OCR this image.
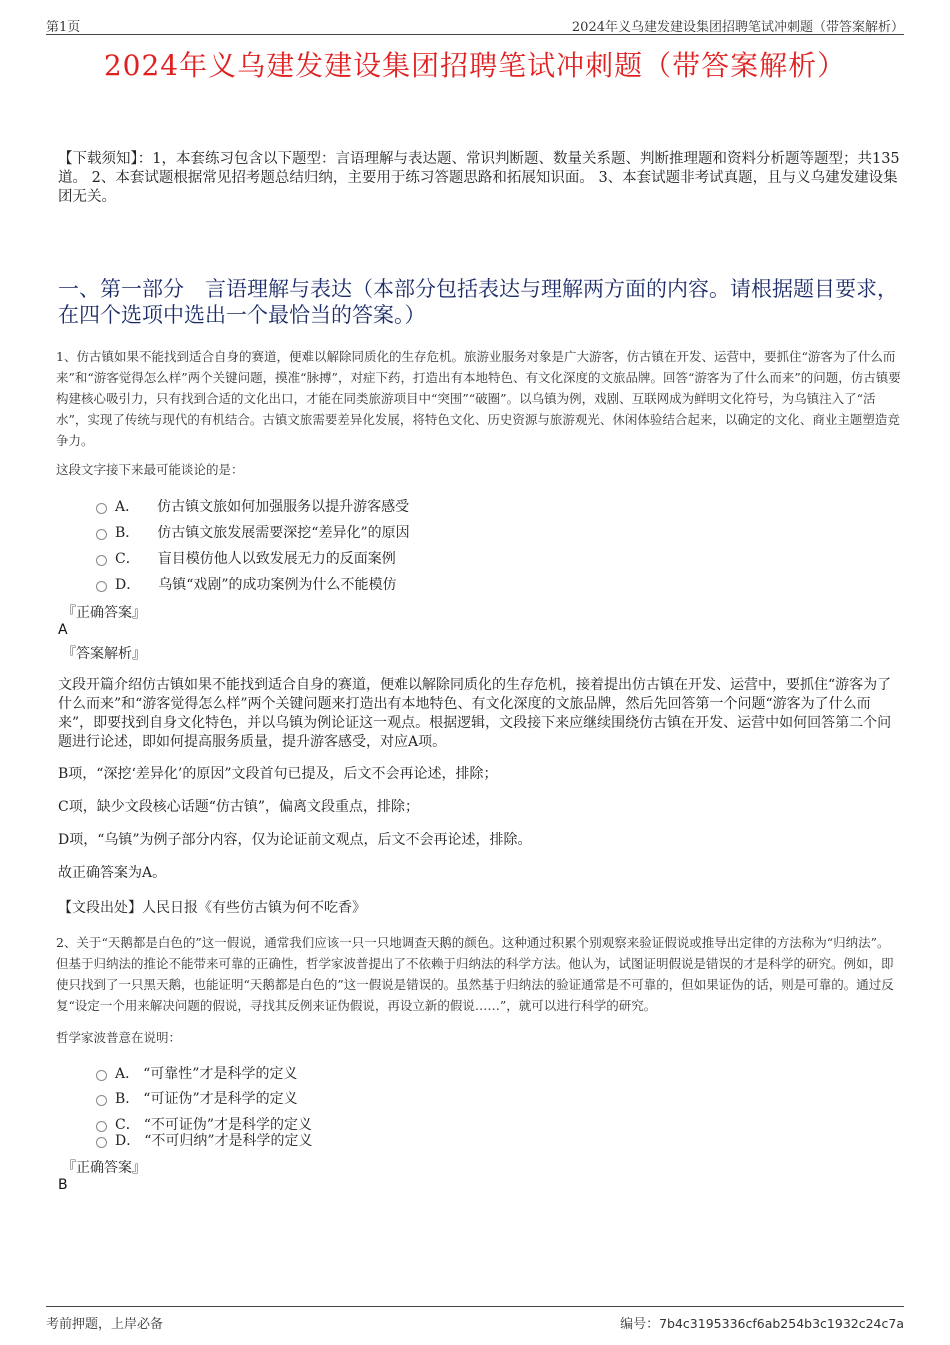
第1页	2024年义乌建发建设集团招聘笔试冲刺题（带答案解析）
2024年义乌建发建设集团招聘笔试冲刺题（带答案解析）
【下载须知】：1，本套练习包含以下题型：言语理解与表达题、常识判断题、数量关系题、判断推理题和资料分析题等题型；共135道。 2、本套试题根据常见招考题总结归纳，主要用于练习答题思路和拓展知识面。 3、本套试题非考试真题，且与义乌建发建设集团无关。
一、第一部分　言语理解与表达（本部分包括表达与理解两方面的内容。请根据题目要求，在四个选项中选出一个最恰当的答案。）
1、仿古镇如果不能找到适合自身的赛道，便难以解除同质化的生存危机。旅游业服务对象是广大游客，仿古镇在开发、运营中，要抓住“游客为了什么而来”和“游客觉得怎么样”两个关键问题，摸准“脉搏”，对症下药，打造出有本地特色、有文化深度的文旅品牌。回答“游客为了什么而来”的问题，仿古镇要构建核心吸引力，只有找到合适的文化出口，才能在同类旅游项目中“突围”“破圈”。以乌镇为例，戏剧、互联网成为鲜明文化符号，为乌镇注入了“活水”，实现了传统与现代的有机结合。古镇文旅需要差异化发展，将特色文化、历史资源与旅游观光、休闲体验结合起来，以确定的文化、商业主题塑造竞争力。
这段文字接下来最可能谈论的是：
A． 仿古镇文旅如何加强服务以提升游客感受
B． 仿古镇文旅发展需要深挖“差异化”的原因
C． 盲目模仿他人以致发展无力的反面案例
D． 乌镇“戏剧”的成功案例为什么不能模仿
『正确答案』
A
『答案解析』
文段开篇介绍仿古镇如果不能找到适合自身的赛道，便难以解除同质化的生存危机，接着提出仿古镇在开发、运营中，要抓住“游客为了什么而来”和“游客觉得怎么样”两个关键问题来打造出有本地特色、有文化深度的文旅品牌，然后先回答第一个问题“游客为了什么而来”，即要找到自身文化特色，并以乌镇为例论证这一观点。根据逻辑，文段接下来应继续围绕仿古镇在开发、运营中如何回答第二个问题进行论述，即如何提高服务质量，提升游客感受，对应A项。
B项，“深挖‘差异化’的原因”文段首句已提及，后文不会再论述，排除；
C项，缺少文段核心话题“仿古镇”，偏离文段重点，排除；
D项，“乌镇”为例子部分内容，仅为论证前文观点，后文不会再论述，排除。
故正确答案为A。
【文段出处】人民日报《有些仿古镇为何不吃香》
2、关于“天鹅都是白色的”这一假说，通常我们应该一只一只地调查天鹅的颜色。这种通过积累个别观察来验证假说或推导出定律的方法称为“归纳法”。但基于归纳法的推论不能带来可靠的正确性，哲学家波普提出了不依赖于归纳法的科学方法。他认为，试图证明假说是错误的才是科学的研究。例如，即使只找到了一只黑天鹅，也能证明“天鹅都是白色的”这一假说是错误的。虽然基于归纳法的验证通常是不可靠的，但如果证伪的话，则是可靠的。通过反复“设定一个用来解决问题的假说，寻找其反例来证伪假说，再设立新的假说……”，就可以进行科学的研究。
哲学家波普意在说明：
A． “可靠性”才是科学的定义
B． “可证伪”才是科学的定义
C． “不可证伪”才是科学的定义
D． “不可归纳”才是科学的定义
『正确答案』
B
考前押题，上岸必备	编号：7b4c3195336cf6ab254b3c1932c24c7a
